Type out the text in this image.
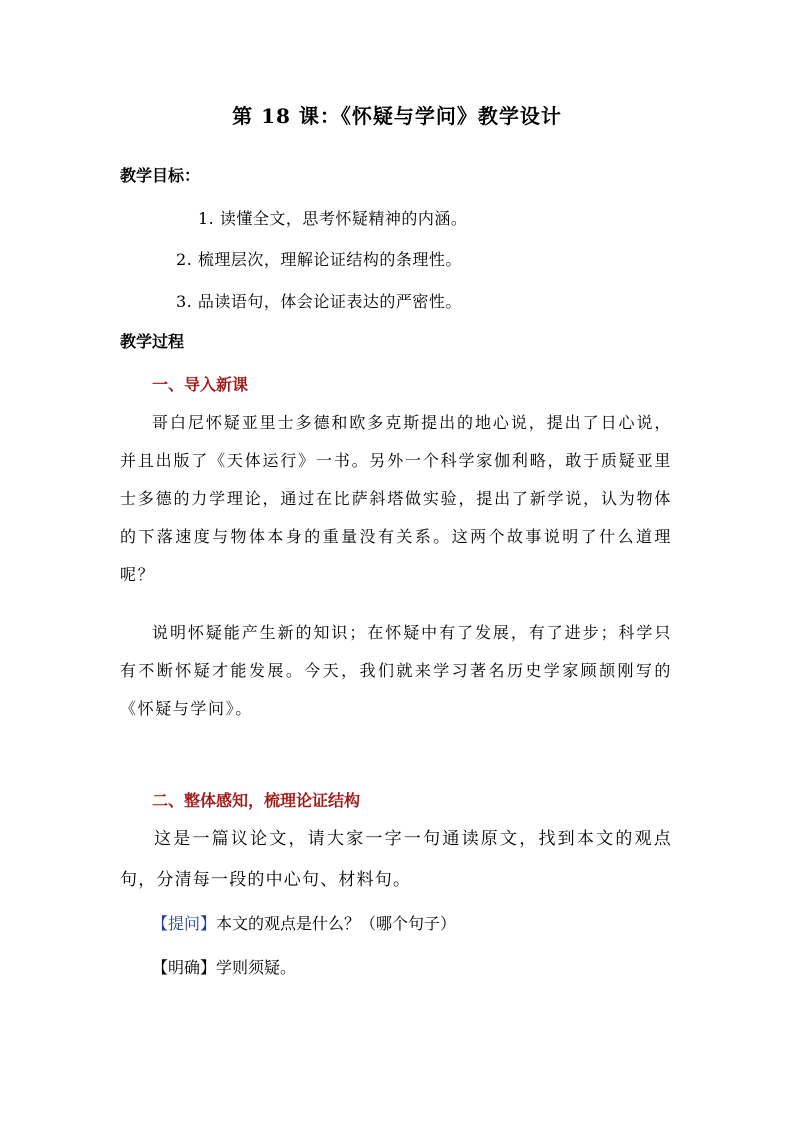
第 18 课：《怀疑与学问》教学设计
教学目标：
1. 读懂全文，思考怀疑精神的内涵。
2. 梳理层次，理解论证结构的条理性。
3. 品读语句，体会论证表达的严密性。
教学过程
一、导入新课
哥白尼怀疑亚里士多德和欧多克斯提出的地心说，提出了日心说，并且出版了《天体运行》一书。另外一个科学家伽利略，敢于质疑亚里士多德的力学理论，通过在比萨斜塔做实验，提出了新学说，认为物体的下落速度与物体本身的重量没有关系。这两个故事说明了什么道理呢？
说明怀疑能产生新的知识；在怀疑中有了发展，有了进步；科学只有不断怀疑才能发展。今天，我们就来学习著名历史学家顾颉刚写的《怀疑与学问》。
二、整体感知，梳理论证结构
这是一篇议论文，请大家一字一句通读原文，找到本文的观点句，分清每一段的中心句、材料句。
【提问】本文的观点是什么？（哪个句子）
【明确】学则须疑。
